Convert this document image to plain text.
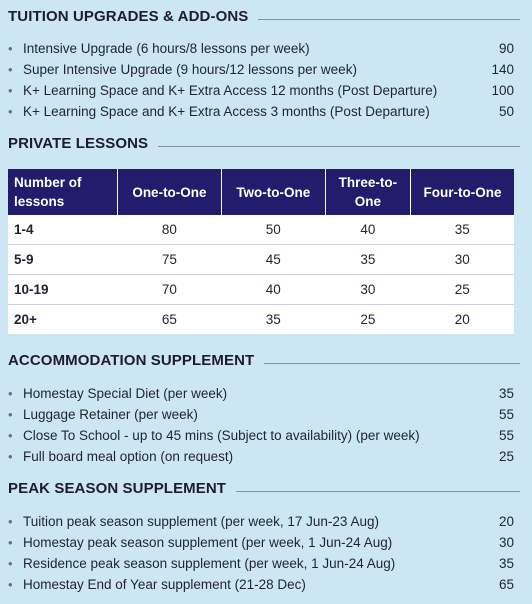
TUITION UPGRADES & ADD-ONS
• Intensive Upgrade (6 hours/8 lessons per week)	90
• Super Intensive Upgrade (9 hours/12 lessons per week)	140
• K+ Learning Space and K+ Extra Access 12 months (Post Departure)	100
• K+ Learning Space and K+ Extra Access 3 months (Post Departure)	50
PRIVATE LESSONS
Number of lessons	One-to-One	Two-to-One	Three-to-One	Four-to-One
1-4	80	50	40	35
5-9	75	45	35	30
10-19	70	40	30	25
20+	65	35	25	20
ACCOMMODATION SUPPLEMENT
• Homestay Special Diet (per week)	35
• Luggage Retainer (per week)	55
• Close To School - up to 45 mins (Subject to availability) (per week)	55
• Full board meal option (on request)	25
PEAK SEASON SUPPLEMENT
• Tuition peak season supplement (per week, 17 Jun-23 Aug)	20
• Homestay peak season supplement (per week, 1 Jun-24 Aug)	30
• Residence peak season supplement (per week, 1 Jun-24 Aug)	35
• Homestay End of Year supplement (21-28 Dec)	65
